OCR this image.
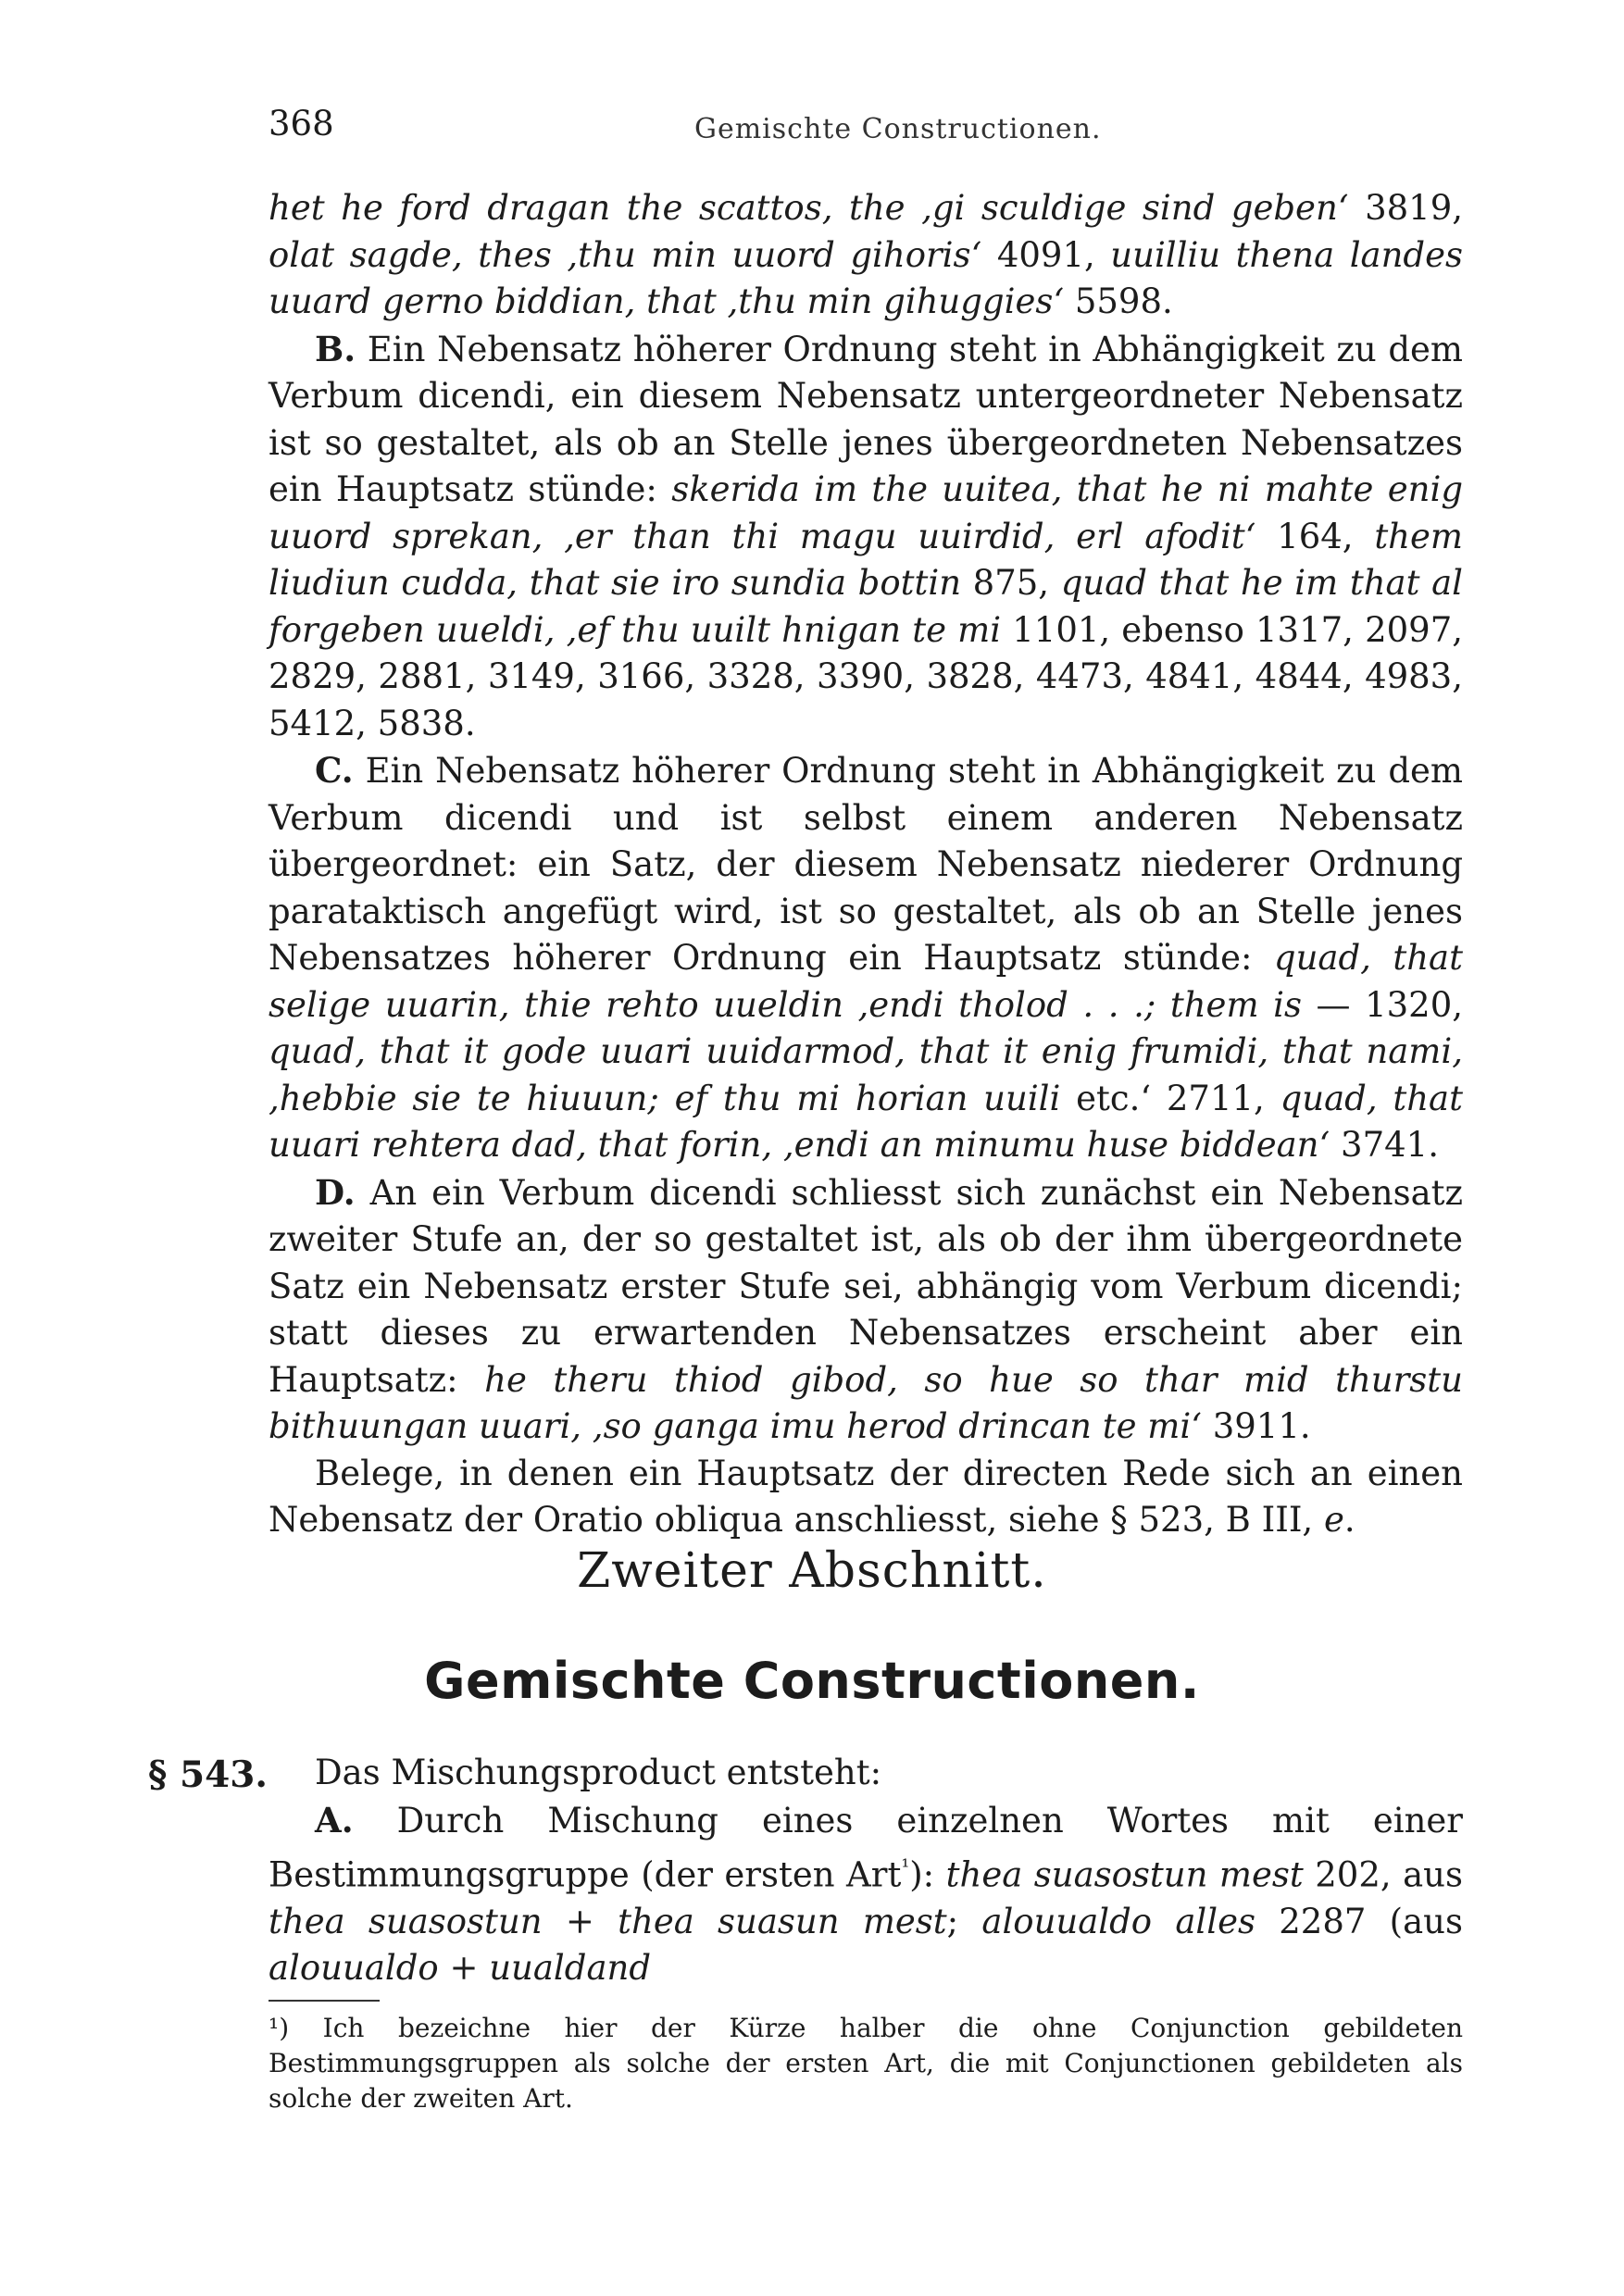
368	Gemischte Constructionen.

het he ford dragan the scattos, the ,gi sculdige sind geben‘ 3819, olat sagde, thes ,thu min uuord gihoris‘ 4091, uuilliu thena landes uuard gerno biddian, that ,thu min gihuggies‘ 5598.

B. Ein Nebensatz höherer Ordnung steht in Abhängigkeit zu dem Verbum dicendi, ein diesem Nebensatz untergeordneter Nebensatz ist so gestaltet, als ob an Stelle jenes übergeordneten Nebensatzes ein Hauptsatz stünde: skerida im the uuitea, that he ni mahte enig uuord sprekan, ,er than thi magu uuirdid, erl afodit‘ 164, them liudiun cudda, that sie iro sundia bottin 875, quad that he im that al forgeben uueldi, ,ef thu uuilt hnigan te mi 1101, ebenso 1317, 2097, 2829, 2881, 3149, 3166, 3328, 3390, 3828, 4473, 4841, 4844, 4983, 5412, 5838.

C. Ein Nebensatz höherer Ordnung steht in Abhängigkeit zu dem Verbum dicendi und ist selbst einem anderen Nebensatz übergeordnet: ein Satz, der diesem Nebensatz niederer Ordnung parataktisch angefügt wird, ist so gestaltet, als ob an Stelle jenes Nebensatzes höherer Ordnung ein Hauptsatz stünde: quad, that selige uuarin, thie rehto uueldin ,endi tholod . . .; them is — 1320, quad, that it gode uuari uuidarmod, that it enig frumidi, that nami, ,hebbie sie te hiuuun; ef thu mi horian uuili etc.‘ 2711, quad, that uuari rehtera dad, that forin, ,endi an minumu huse biddean‘ 3741.

D. An ein Verbum dicendi schliesst sich zunächst ein Nebensatz zweiter Stufe an, der so gestaltet ist, als ob der ihm übergeordnete Satz ein Nebensatz erster Stufe sei, abhängig vom Verbum dicendi; statt dieses zu erwartenden Nebensatzes erscheint aber ein Hauptsatz: he theru thiod gibod, so hue so thar mid thurstu bithuungan uuari, ,so ganga imu herod drincan te mi‘ 3911.

Belege, in denen ein Hauptsatz der directen Rede sich an einen Nebensatz der Oratio obliqua anschliesst, siehe § 523, B III, e.

Zweiter Abschnitt.
Gemischte Constructionen.
§ 543.	Das Mischungsproduct entsteht:

A. Durch Mischung eines einzelnen Wortes mit einer Bestimmungsgruppe (der ersten Art$^{^1}$): thea suasostun mest 202, aus thea suasostun + thea suasun mest; alouualdo alles 2287 (aus alouualdo + uualdand

¹) Ich bezeichne hier der Kürze halber die ohne Conjunction gebildeten Bestimmungsgruppen als solche der ersten Art, die mit Conjunctionen gebildeten als solche der zweiten Art.
